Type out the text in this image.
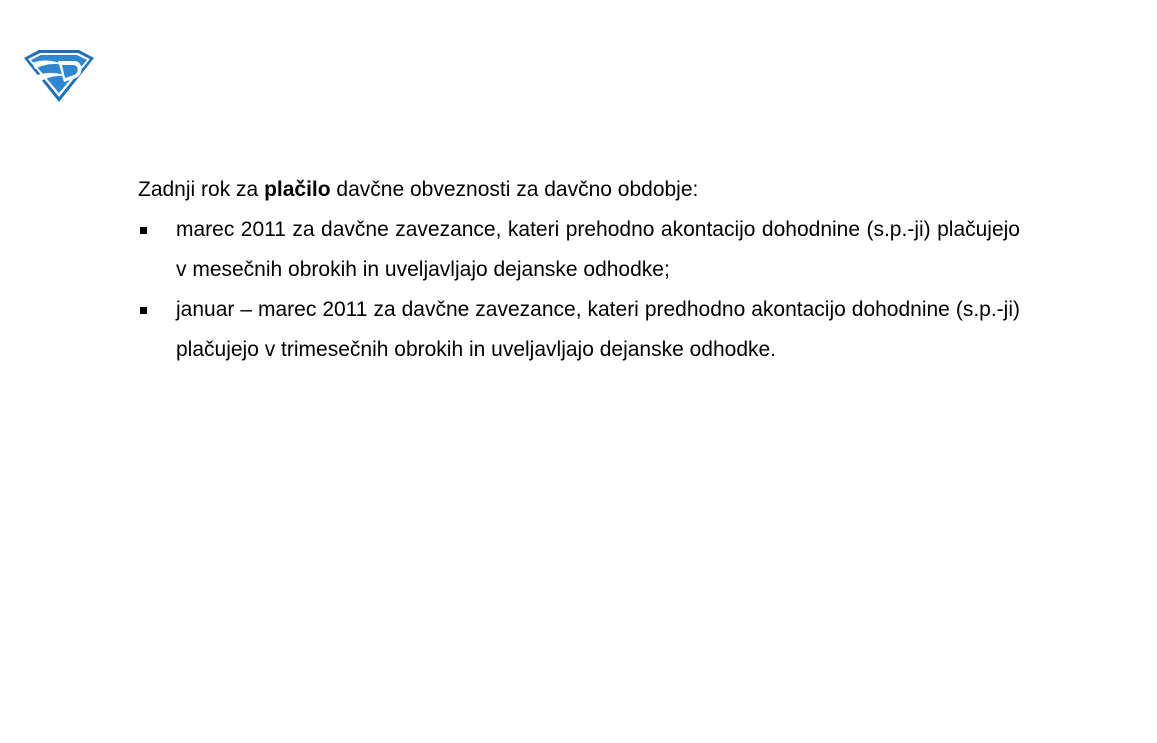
Zadnji rok za plačilo davčne obveznosti za davčno obdobje:

marec 2011 za davčne zavezance, kateri prehodno akontacijo dohodnine (s.p.-ji) plačujejo v mesečnih obrokih in uveljavljajo dejanske odhodke;
januar – marec 2011 za davčne zavezance, kateri predhodno akontacijo dohodnine (s.p.-ji) plačujejo v trimesečnih obrokih in uveljavljajo dejanske odhodke.
